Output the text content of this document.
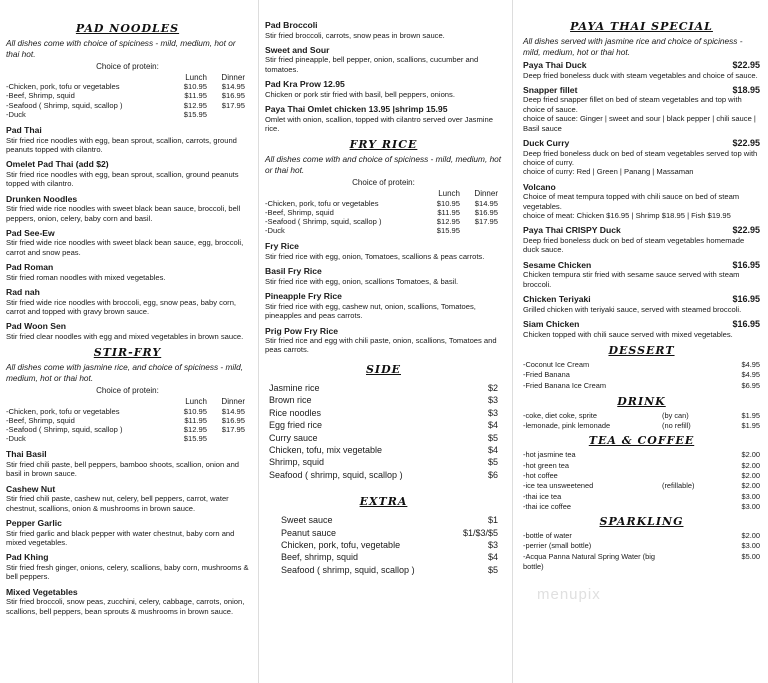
PAD NOODLES
All dishes come with choice of spiciness - mild, medium, hot or thai hot.
Choice of protein:
	Lunch	Dinner
-Chicken, pork, tofu or vegetables	$10.95	$14.95
-Beef, Shrimp, squid	$11.95	$16.95
-Seafood ( Shrimp, squid, scallop )	$12.95	$17.95
-Duck	$15.95	
Pad Thai
Stir fried rice noodles with egg, bean sprout, scallion, carrots, ground peanuts topped with cilantro.
Omelet Pad Thai (add $2)
Stir fried rice noodles with egg, bean sprout, scallion, ground peanuts topped with cilantro.
Drunken Noodles
Stir fried wide rice noodles with sweet black bean sauce, broccoli, bell peppers, onion, celery, baby corn and basil.
Pad See-Ew
Stir fried wide rice noodles with sweet black bean sauce, egg, broccoli, carrot and snow peas.
Pad Roman
Stir fried roman noodles with mixed vegetables.
Rad nah
Stir fried wide rice noodles with broccoli, egg, snow peas, baby corn, carrot and topped with gravy brown sauce.
Pad Woon Sen
Stir fried clear noodles with egg and mixed vegetables in brown sauce.
STIR-FRY
All dishes come with jasmine rice, and choice of spiciness - mild, medium, hot or thai hot.
Choice of protein:
	Lunch	Dinner
-Chicken, pork, tofu or vegetables	$10.95	$14.95
-Beef, Shrimp, squid	$11.95	$16.95
-Seafood ( Shrimp, squid, scallop )	$12.95	$17.95
-Duck	$15.95	
Thai Basil
Stir fried chili paste, bell peppers, bamboo shoots, scallion, onion and basil in brown sauce.
Cashew Nut
Stir fried chili paste, cashew nut, celery, bell peppers, carrot, water chestnut, scallions, onion & mushrooms in brown sauce.
Pepper Garlic
Stir fried garlic and black pepper with water chestnut, baby corn and mixed vegetables.
Pad Khing
Stir fried fresh ginger, onions, celery, scallions, baby corn, mushrooms & bell peppers.
Mixed Vegetables
Stir fried broccoli, snow peas, zucchini, celery, cabbage, carrots, onion, scallions, bell peppers, bean sprouts & mushrooms in brown sauce.
Pad Broccoli
Stir fried broccoli, carrots, snow peas in brown sauce.
Sweet and Sour
Stir fried pineapple, bell pepper, onion, scallions, cucumber and tomatoes.
Pad Kra Prow 12.95
Chicken or pork stir fried with basil, bell peppers, onions.
Paya Thai Omlet chicken 13.95 |shrimp 15.95
Omlet with onion, scallion, topped with cilantro served over Jasmine rice.
FRY RICE
All dishes come with and choice of spiciness - mild, medium, hot or thai hot.
Choice of protein:
	Lunch	Dinner
-Chicken, pork, tofu or vegetables	$10.95	$14.95
-Beef, Shrimp, squid	$11.95	$16.95
-Seafood ( Shrimp, squid, scallop )	$12.95	$17.95
-Duck	$15.95	
Fry Rice
Stir fried rice with egg, onion, Tomatoes, scallions & peas carrots.
Basil Fry Rice
Stir fried rice with egg, onion, scallions Tomatoes, & basil.
Pineapple Fry Rice
Stir fried rice with egg, cashew nut, onion, scallions, Tomatoes, pineapples and peas carrots.
Prig Pow Fry Rice
Stir fried rice and egg with chili paste, onion, scallions, Tomatoes and peas carrots.
SIDE
Jasmine rice	$2
Brown rice	$3
Rice noodles	$3
Egg fried rice	$4
Curry sauce	$5
Chicken, tofu, mix vegetable	$4
Shrimp, squid	$5
Seafood ( shrimp, squid, scallop )	$6
EXTRA
Sweet sauce	$1
Peanut sauce	$1/$3/$5
Chicken, pork, tofu, vegetable	$3
Beef, shrimp, squid	$4
Seafood ( shrimp, squid, scallop )	$5
PAYA THAI SPECIAL
All dishes served with jasmine rice and choice of spiciness - mild, medium, hot or thai hot.
Paya Thai Duck	$22.95
Deep fried boneless duck with steam vegetables and choice of sauce.
Snapper fillet	$18.95
Deep fried snapper fillet on bed of steam vegetables and top with choice of sauce.
choice of sauce: Ginger | sweet and sour | black pepper | chili sauce | Basil sauce
Duck Curry	$22.95
Deep fried boneless duck on bed of steam vegetables served top with choice of curry.
choice of curry: Red | Green | Panang | Massaman
Volcano
Choice of meat tempura topped with chili sauce on bed of steam vegetables.
choice of meat: Chicken $16.95 | Shrimp $18.95 | Fish $19.95
Paya Thai CRISPY Duck	$22.95
Deep fried boneless duck on bed of steam vegetables homemade duck sauce.
Sesame Chicken	$16.95
Chicken tempura stir fried with sesame sauce served with steam broccoli.
Chicken Teriyaki	$16.95
Grilled chicken with teriyaki sauce, served with steamed broccoli.
Siam Chicken	$16.95
Chicken topped with chili sauce served with mixed vegetables.
DESSERT
-Coconut Ice Cream	$4.95
-Fried Banana	$4.95
-Fried Banana Ice Cream	$6.95
DRINK
-coke, diet coke, sprite	(by can)	$1.95
-lemonade, pink lemonade	(no refill)	$1.95
TEA & COFFEE
-hot jasmine tea	$2.00
-hot green tea	$2.00
-hot coffee	$2.00
-ice tea unsweetened	(refillable)	$2.00
-thai ice tea	$3.00
-thai ice coffee	$3.00
SPARKLING
-bottle of water	$2.00
-perrier (small bottle)	$3.00
-Acqua Panna Natural Spring Water (big bottle)
$5.00
menupix
